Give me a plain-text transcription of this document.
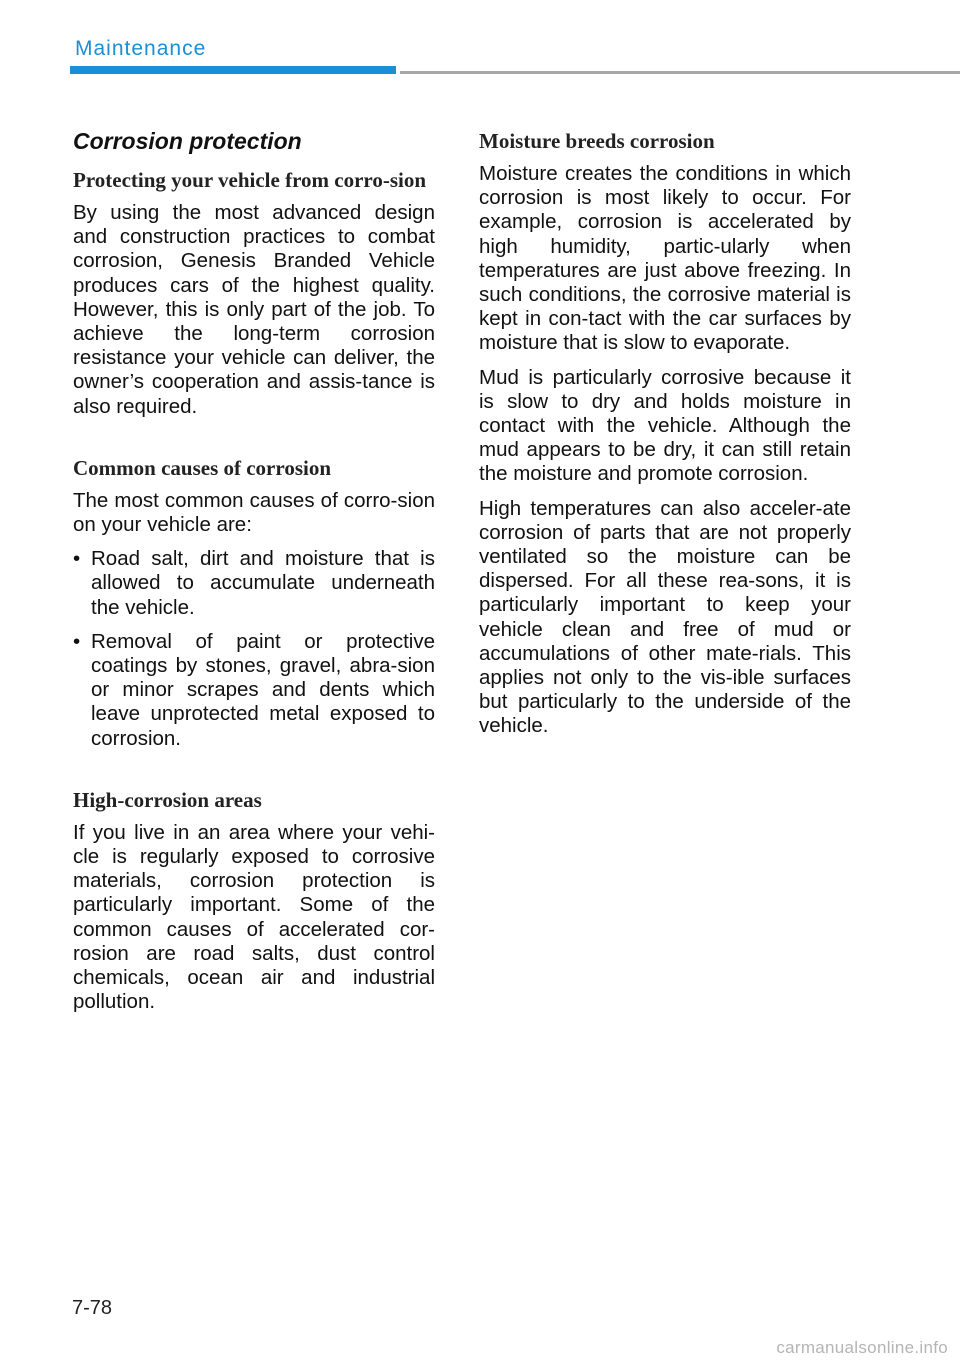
Maintenance
Corrosion protection
Protecting your vehicle from corro-sion

By using the most advanced design and construction practices to combat corrosion, Genesis Branded Vehicle produces cars of the highest quality. However, this is only part of the job. To achieve the long-term corrosion resistance your vehicle can deliver, the owner’s cooperation and assis-tance is also required.

Common causes of corrosion

The most common causes of corro-sion on your vehicle are:

• Road salt, dirt and moisture that is allowed to accumulate underneath the vehicle.
• Removal of paint or protective coatings by stones, gravel, abra-sion or minor scrapes and dents which leave unprotected metal exposed to corrosion.
High-corrosion areas

If you live in an area where your vehi-cle is regularly exposed to corrosive materials, corrosion protection is particularly important. Some of the common causes of accelerated cor-rosion are road salts, dust control chemicals, ocean air and industrial pollution.

Moisture breeds corrosion

Moisture creates the conditions in which corrosion is most likely to occur. For example, corrosion is accelerated by high humidity, partic-ularly when temperatures are just above freezing. In such conditions, the corrosive material is kept in con-tact with the car surfaces by moisture that is slow to evaporate.

Mud is particularly corrosive because it is slow to dry and holds moisture in contact with the vehicle. Although the mud appears to be dry, it can still retain the moisture and promote corrosion.

High temperatures can also acceler-ate corrosion of parts that are not properly ventilated so the moisture can be dispersed. For all these rea-sons, it is particularly important to keep your vehicle clean and free of mud or accumulations of other mate-rials. This applies not only to the vis-ible surfaces but particularly to the underside of the vehicle.

7-78
carmanualsonline.info
